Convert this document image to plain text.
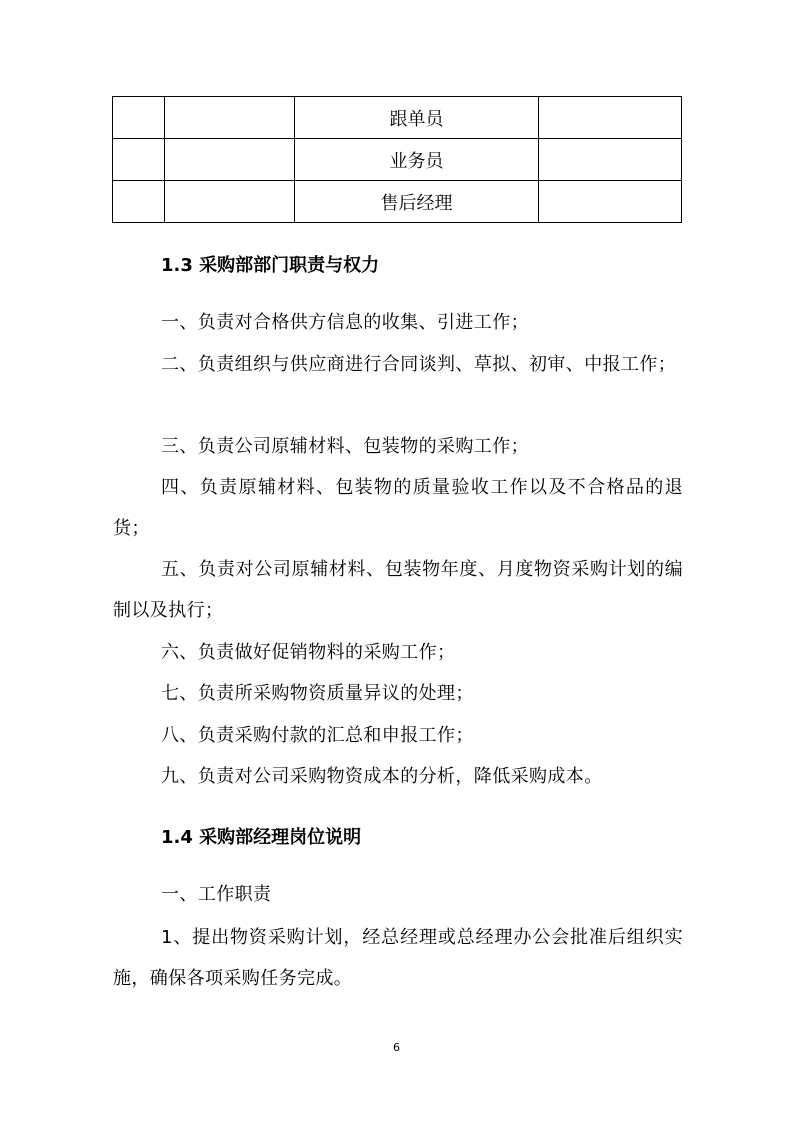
		跟单员	
		业务员	
		售后经理	
1.3 采购部部门职责与权力
一、负责对合格供方信息的收集、引进工作；
二、负责组织与供应商进行合同谈判、草拟、初审、中报工作；
三、负责公司原辅材料、包装物的采购工作；
四、负责原辅材料、包装物的质量验收工作以及不合格品的退货；
五、负责对公司原辅材料、包装物年度、月度物资采购计划的编制以及执行；
六、负责做好促销物料的采购工作；
七、负责所采购物资质量异议的处理；
八、负责采购付款的汇总和申报工作；
九、负责对公司采购物资成本的分析，降低采购成本。
1.4 采购部经理岗位说明
一、工作职责
1、提出物资采购计划，经总经理或总经理办公会批准后组织实施，确保各项采购任务完成。
6
